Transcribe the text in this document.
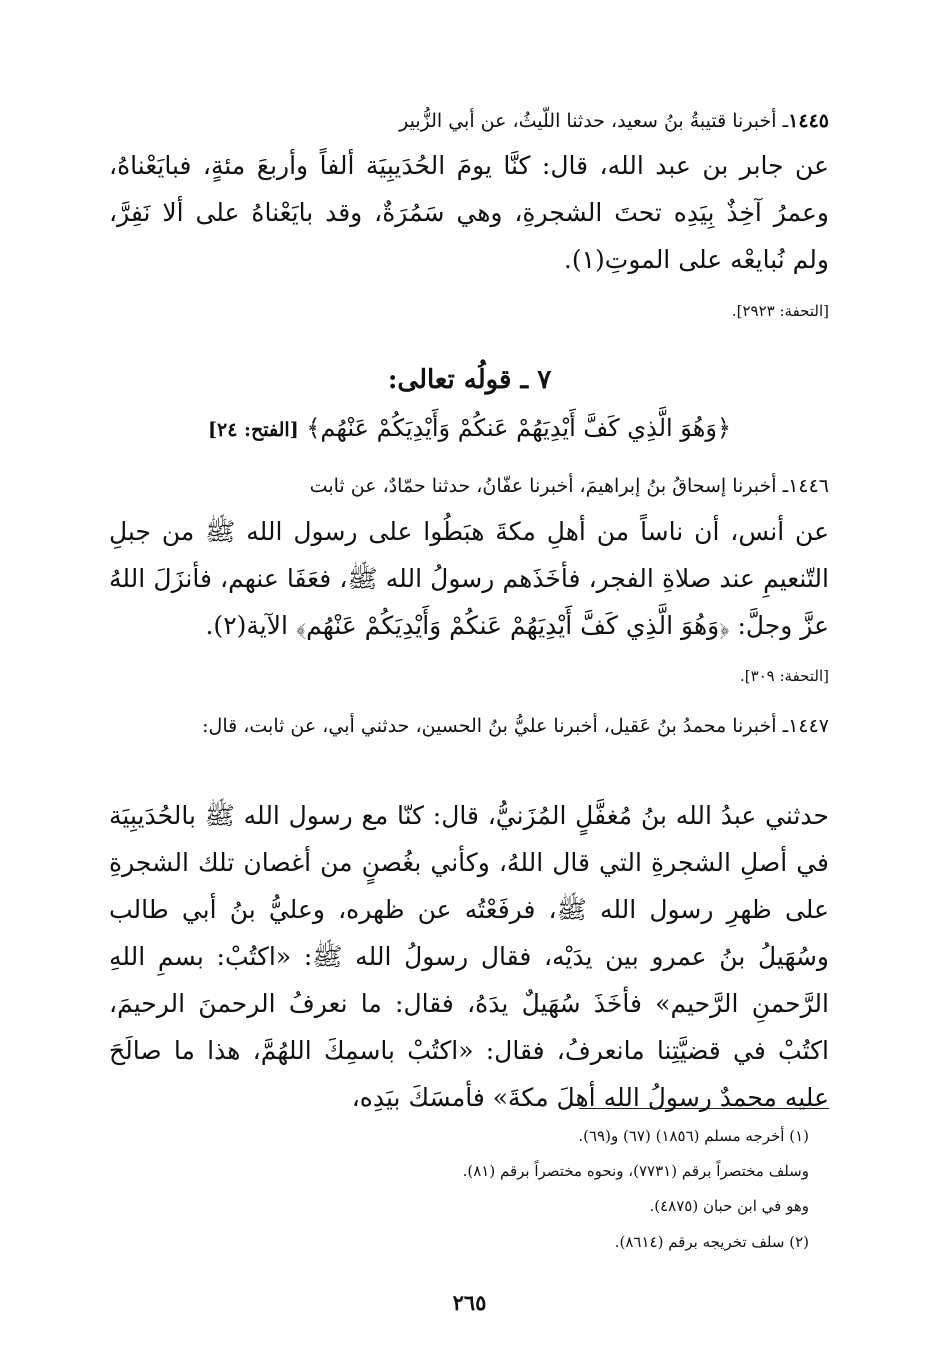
١٤٤٥ـ أخبرنا قتيبةُ بنُ سعيد، حدثنا اللّيثُ، عن أبي الزُّبير
عن جابر بن عبد الله، قال: كنَّا يومَ الحُدَيبِيَة ألفاً وأربعَ مئةٍ، فبايَعْناهُ، وعمرُ آخِذٌ بِيَدِه تحتَ الشجرةِ، وهي سَمُرَةٌ، وقد بايَعْناهُ على ألا نَفِرَّ، ولم نُبايعْه على الموتِ(١).
[التحفة: ٢٩٢٣].
٧ ـ قولُه تعالى:
﴿وَهُوَ الَّذِي كَفَّ أَيْدِيَهُمْ عَنكُمْ وَأَيْدِيَكُمْ عَنْهُم﴾ [الفتح: ٢٤]
١٤٤٦ـ أخبرنا إسحاقُ بنُ إبراهيمَ، أخبرنا عفّانُ، حدثنا حمّادٌ، عن ثابت
عن أنس، أن ناساً من أهلِ مكةَ هبَطُوا على رسول الله ﷺ من جبلِ التّنعيمِ عند صلاةِ الفجر، فأخَذَهم رسولُ الله ﷺ، فعَفَا عنهم، فأنزَلَ اللهُ عزَّ وجلَّ: ﴿وَهُوَ الَّذِي كَفَّ أَيْدِيَهُمْ عَنكُمْ وَأَيْدِيَكُمْ عَنْهُم﴾ الآية(٢).
[التحفة: ٣٠٩].
١٤٤٧ـ أخبرنا محمدُ بنُ عَقيل، أخبرنا عليُّ بنُ الحسين، حدثني أبي، عن ثابت، قال:
حدثني عبدُ الله بنُ مُغفَّلٍ المُزَنيُّ، قال: كنّا مع رسول الله ﷺ بالحُدَيبِيَة في أصلِ الشجرةِ التي قال اللهُ، وكأني بغُصنٍ من أغصان تلك الشجرةِ على ظهرِ رسول الله ﷺ، فرفَعْتُه عن ظهره، وعليُّ بنُ أبي طالب وسُهَيلُ بنُ عمرو بين يدَيْه، فقال رسولُ الله ﷺ: «اكتُبْ: بسمِ اللهِ الرَّحمنِ الرَّحيم» فأخَذَ سُهَيلٌ يدَهُ، فقال: ما نعرفُ الرحمنَ الرحيمَ، اكتُبْ في قضيَّتِنا مانعرفُ، فقال: «اكتُبْ باسمِكَ اللهُمَّ، هذا ما صالَحَ عليه محمدٌ رسولُ الله أهلَ مكةَ» فأمسَكَ بيَدِه،
(١) أخرجه مسلم (١٨٥٦) (٦٧) و(٦٩).
وسلف مختصراً برقم (٧٧٣١)، ونحوه مختصراً برقم (٨١).
وهو في ابن حبان (٤٨٧٥).
(٢) سلف تخريجه برقم (٨٦١٤).
٢٦٥
